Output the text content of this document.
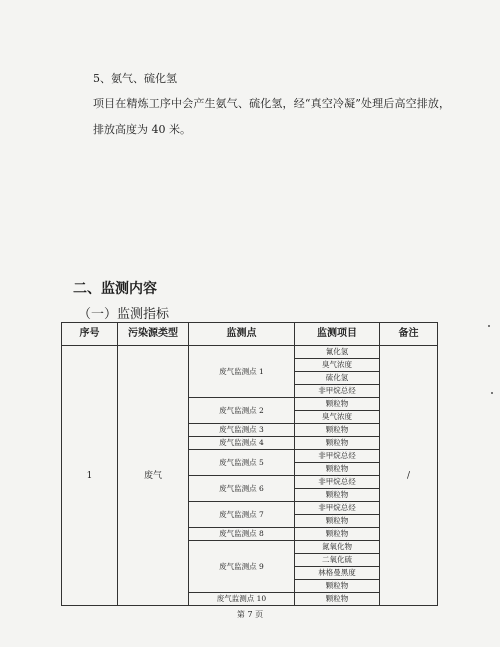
5、氨气、硫化氢
项目在精炼工序中会产生氨气、硫化氢，经“真空冷凝”处理后高空排放，
排放高度为 40 米。
二、监测内容
（一）监测指标
序号	污染源类型	监测点	监测项目	备注
1	废气	废气监测点 1	氰化氢	/
			臭气浓度	
			硫化氢	
			非甲烷总烃	
		废气监测点 2	颗粒物	
			臭气浓度	
		废气监测点 3	颗粒物	
		废气监测点 4	颗粒物	
		废气监测点 5	非甲烷总烃	
			颗粒物	
		废气监测点 6	非甲烷总烃	
			颗粒物	
		废气监测点 7	非甲烷总烃	
			颗粒物	
		废气监测点 8	颗粒物	
		废气监测点 9	氮氧化物	
			二氧化硫	
			林格曼黑度	
			颗粒物	
		废气监测点 10	颗粒物	
第 7 页
